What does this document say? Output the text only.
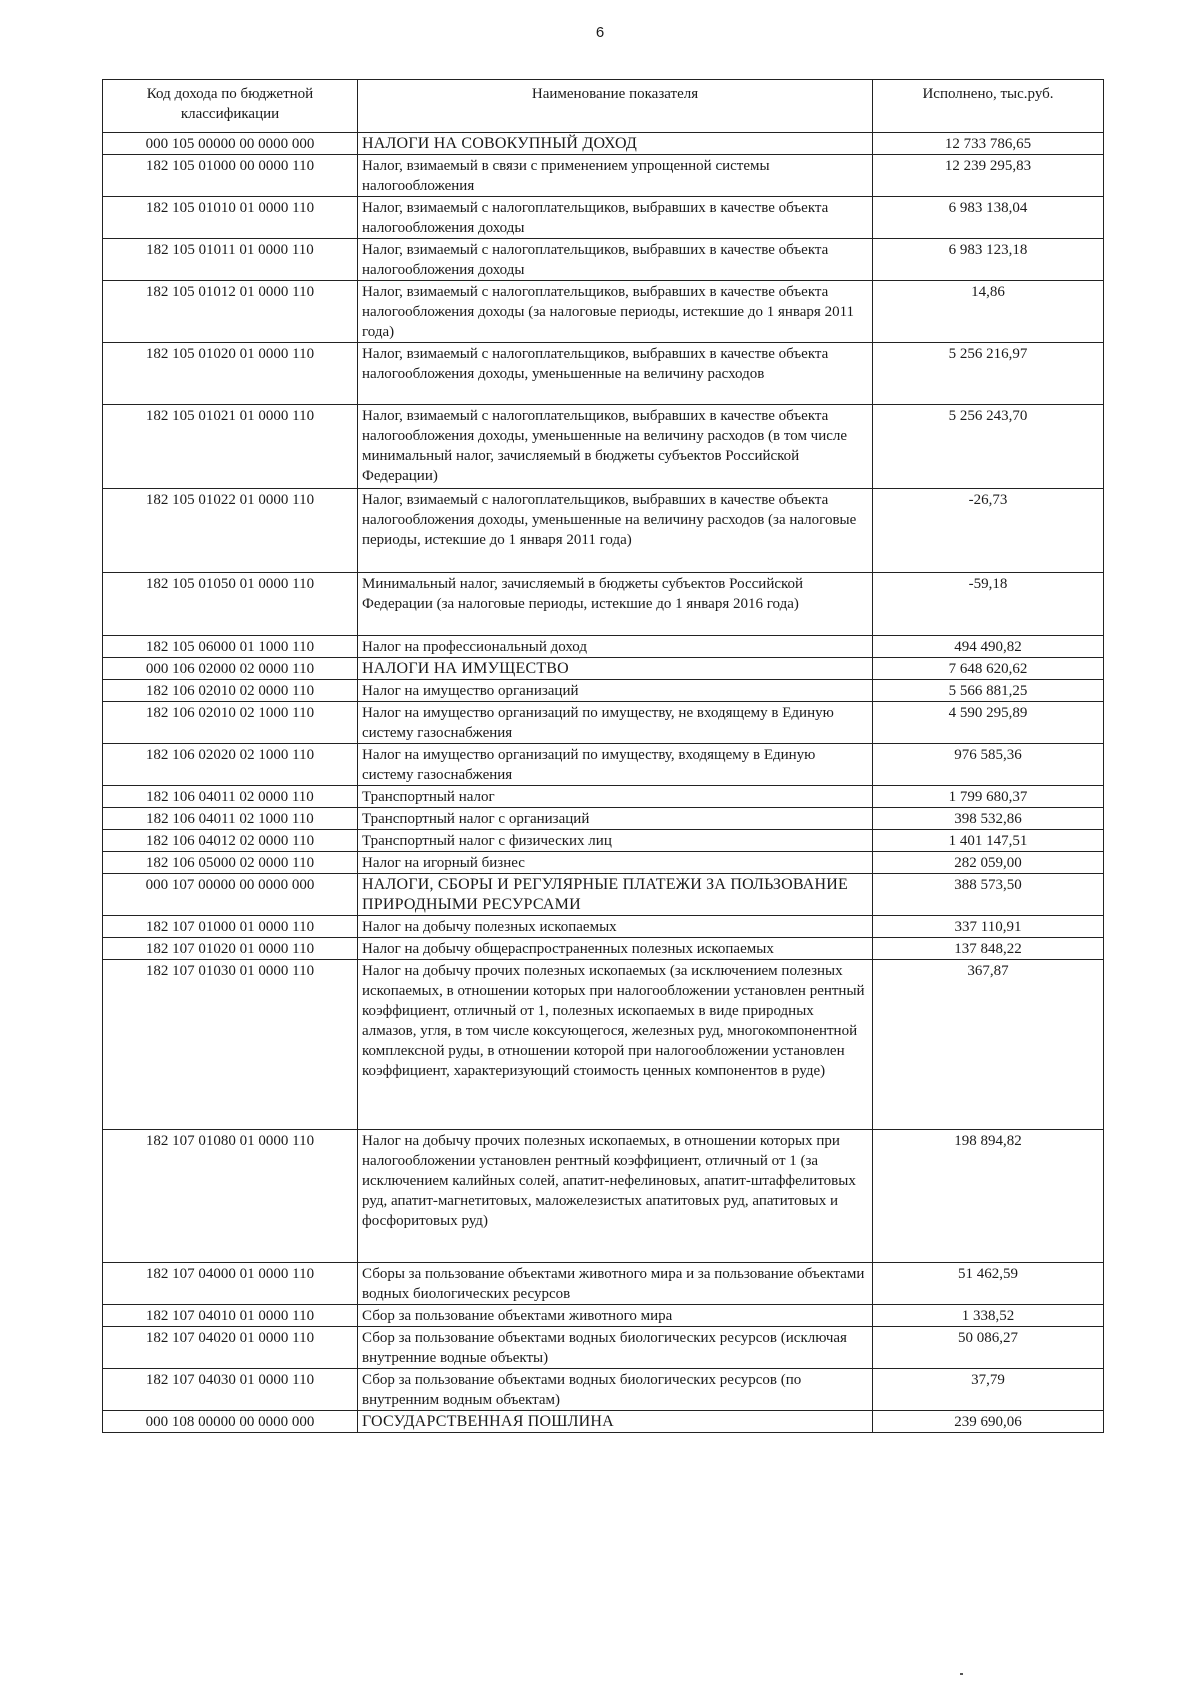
6
Код дохода по бюджетной классификации	Наименование показателя	Исполнено, тыс.руб.
000 105 00000 00 0000 000	НАЛОГИ НА СОВОКУПНЫЙ ДОХОД	12 733 786,65
182 105 01000 00 0000 110	Налог, взимаемый в связи с применением упрощенной системы налогообложения	12 239 295,83
182 105 01010 01 0000 110	Налог, взимаемый с налогоплательщиков, выбравших в качестве объекта налогообложения доходы	6 983 138,04
182 105 01011 01 0000 110	Налог, взимаемый с налогоплательщиков, выбравших в качестве объекта налогообложения доходы	6 983 123,18
182 105 01012 01 0000 110	Налог, взимаемый с налогоплательщиков, выбравших в качестве объекта налогообложения доходы (за налоговые периоды, истекшие до 1 января 2011 года)	14,86
182 105 01020 01 0000 110	Налог, взимаемый с налогоплательщиков, выбравших в качестве объекта налогообложения доходы, уменьшенные на величину расходов	5 256 216,97
182 105 01021 01 0000 110	Налог, взимаемый с налогоплательщиков, выбравших в качестве объекта налогообложения доходы, уменьшенные на величину расходов (в том числе минимальный налог, зачисляемый в бюджеты субъектов Российской Федерации)	5 256 243,70
182 105 01022 01 0000 110	Налог, взимаемый с налогоплательщиков, выбравших в качестве объекта налогообложения доходы, уменьшенные на величину расходов (за налоговые периоды, истекшие до 1 января 2011 года)	-26,73
182 105 01050 01 0000 110	Минимальный налог, зачисляемый в бюджеты субъектов Российской Федерации (за налоговые периоды, истекшие до 1 января 2016 года)	-59,18
182 105 06000 01 1000 110	Налог на профессиональный доход	494 490,82
000 106 02000 02 0000 110	НАЛОГИ НА ИМУЩЕСТВО	7 648 620,62
182 106 02010 02 0000 110	Налог на имущество организаций	5 566 881,25
182 106 02010 02 1000 110	Налог на имущество организаций по имуществу, не входящему в Единую систему газоснабжения	4 590 295,89
182 106 02020 02 1000 110	Налог на имущество организаций по имуществу, входящему в Единую систему газоснабжения	976 585,36
182 106 04011 02 0000 110	Транспортный налог	1 799 680,37
182 106 04011 02 1000 110	Транспортный налог с организаций	398 532,86
182 106 04012 02 0000 110	Транспортный налог с физических лиц	1 401 147,51
182 106 05000 02 0000 110	Налог на игорный бизнес	282 059,00
000 107 00000 00 0000 000	НАЛОГИ, СБОРЫ И РЕГУЛЯРНЫЕ ПЛАТЕЖИ ЗА ПОЛЬЗОВАНИЕ ПРИРОДНЫМИ РЕСУРСАМИ	388 573,50
182 107 01000 01 0000 110	Налог на добычу полезных ископаемых	337 110,91
182 107 01020 01 0000 110	Налог на добычу общераспространенных полезных ископаемых	137 848,22
182 107 01030 01 0000 110	Налог на добычу прочих полезных ископаемых (за исключением полезных ископаемых, в отношении которых при налогообложении установлен рентный коэффициент, отличный от 1, полезных ископаемых в виде природных алмазов, угля, в том числе коксующегося, железных руд, многокомпонентной комплексной руды, в отношении которой при налогообложении установлен коэффициент, характеризующий стоимость ценных компонентов в руде)	367,87
182 107 01080 01 0000 110	Налог на добычу прочих полезных ископаемых, в отношении которых при налогообложении установлен рентный коэффициент, отличный от 1 (за исключением калийных солей, апатит-нефелиновых, апатит-штаффелитовых руд, апатит-магнетитовых, маложелезистых апатитовых руд, апатитовых и фосфоритовых руд)	198 894,82
182 107 04000 01 0000 110	Сборы за пользование объектами животного мира и за пользование объектами водных биологических ресурсов	51 462,59
182 107 04010 01 0000 110	Сбор за пользование объектами животного мира	1 338,52
182 107 04020 01 0000 110	Сбор за пользование объектами водных биологических ресурсов (исключая внутренние водные объекты)	50 086,27
182 107 04030 01 0000 110	Сбор за пользование объектами водных биологических ресурсов (по внутренним водным объектам)	37,79
000 108 00000 00 0000 000	ГОСУДАРСТВЕННАЯ ПОШЛИНА	239 690,06
